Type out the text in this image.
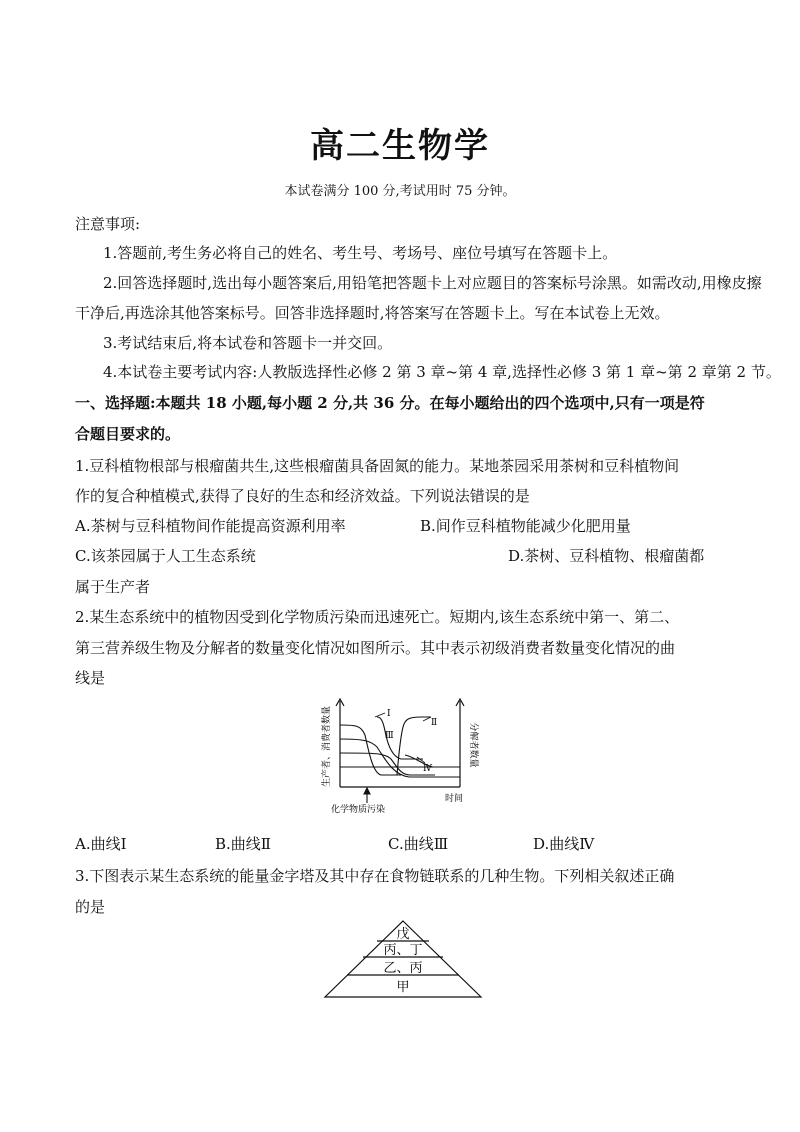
高二生物学
本试卷满分 100 分,考试用时 75 分钟。
注意事项:
1.答题前,考生务必将自己的姓名、考生号、考场号、座位号填写在答题卡上。
2.回答选择题时,选出每小题答案后,用铅笔把答题卡上对应题目的答案标号涂黑。如需改动,用橡皮擦
干净后,再选涂其他答案标号。回答非选择题时,将答案写在答题卡上。写在本试卷上无效。
3.考试结束后,将本试卷和答题卡一并交回。
4.本试卷主要考试内容:人教版选择性必修 2 第 3 章~第 4 章,选择性必修 3 第 1 章~第 2 章第 2 节。
一、选择题:本题共 18 小题,每小题 2 分,共 36 分。在每小题给出的四个选项中,只有一项是符
合题目要求的。
1.豆科植物根部与根瘤菌共生,这些根瘤菌具备固氮的能力。某地茶园采用茶树和豆科植物间
作的复合种植模式,获得了良好的生态和经济效益。下列说法错误的是
A.茶树与豆科植物间作能提高资源利用率	B.间作豆科植物能减少化肥用量
C.该茶园属于人工生态系统	D.茶树、豆科植物、根瘤菌都
属于生产者
2.某生态系统中的植物因受到化学物质污染而迅速死亡。短期内,该生态系统中第一、第二、
第三营养级生物及分解者的数量变化情况如图所示。其中表示初级消费者数量变化情况的曲
线是
Ⅰ
Ⅱ
Ⅲ
Ⅳ
生产者、消费者数量	分解者数量
时间
化学物质污染
A.曲线Ⅰ	B.曲线Ⅱ	C.曲线Ⅲ	D.曲线Ⅳ
3.下图表示某生态系统的能量金字塔及其中存在食物链联系的几种生物。下列相关叙述正确
的是
戊
丙、丁
乙、丙
甲
